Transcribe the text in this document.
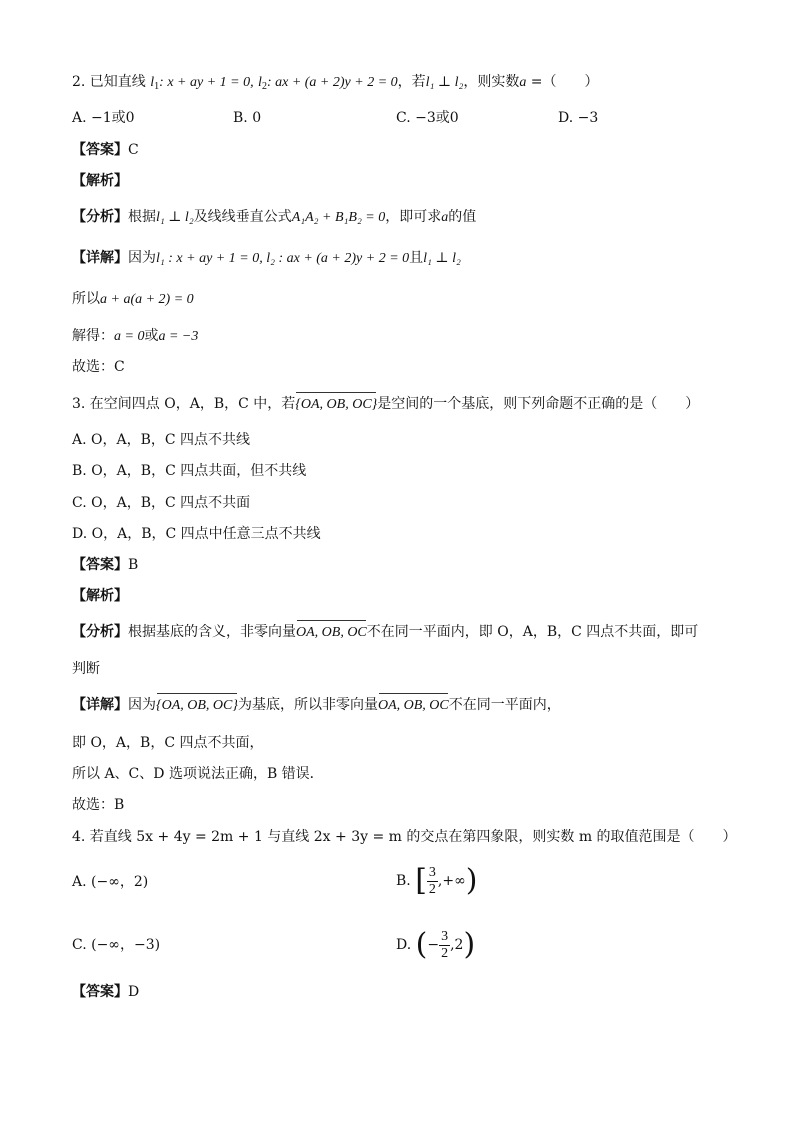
2. 已知直线 $l_1$: x + ay + 1 = 0, $l_2$: ax + (a + 2)y + 2 = 0，若l₁ ⊥ l₂，则实数a =（　　）
A. −1或0	B. 0	C. −3或0	D. −3
【答案】C
【解析】
【分析】根据l₁ ⊥ l₂及线线垂直公式A₁A₂ + B₁B₂ = 0，即可求a的值
【详解】因为l₁ : x + ay + 1 = 0, l₂ : ax + (a + 2)y + 2 = 0且l₁ ⊥ l₂
所以a + a(a + 2) = 0
解得：a = 0或a = −3
故选：C
3. 在空间四点 O，A，B，C 中，若{OA, OB, OC}是空间的一个基底，则下列命题不正确的是（　　）
A. O，A，B，C 四点不共线
B. O，A，B，C 四点共面，但不共线
C. O，A，B，C 四点不共面
D. O，A，B，C 四点中任意三点不共线
【答案】B
【解析】
【分析】根据基底的含义，非零向量OA, OB, OC不在同一平面内，即 O，A，B，C 四点不共面，即可
判断
【详解】因为{OA, OB, OC}为基底，所以非零向量OA, OB, OC不在同一平面内，
即 O，A，B，C 四点不共面，
所以 A、C、D 选项说法正确，B 错误．
故选：B
4. 若直线 5x + 4y = 2m + 1 与直线 2x + 3y = m 的交点在第四象限，则实数 m 的取值范围是（　　）
A. (−∞，2)	B. [ $\frac{3}{2}$ ,+∞)
C. (−∞，−3)	D. (− $\frac{3}{2} ,2$)
【答案】D
